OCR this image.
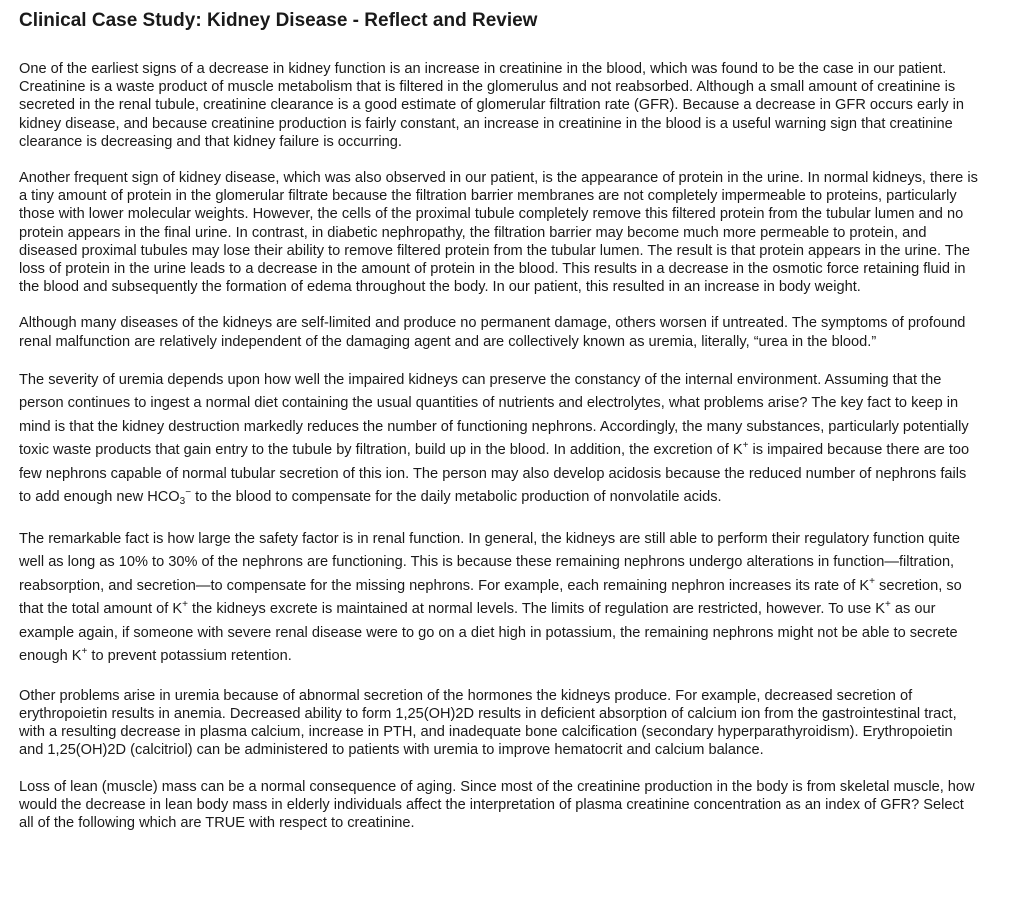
Clinical Case Study: Kidney Disease - Reflect and Review

One of the earliest signs of a decrease in kidney function is an increase in creatinine in the blood, which was found to be the case in our patient. Creatinine is a waste product of muscle metabolism that is filtered in the glomerulus and not reabsorbed. Although a small amount of creatinine is secreted in the renal tubule, creatinine clearance is a good estimate of glomerular filtration rate (GFR). Because a decrease in GFR occurs early in kidney disease, and because creatinine production is fairly constant, an increase in creatinine in the blood is a useful warning sign that creatinine clearance is decreasing and that kidney failure is occurring.

Another frequent sign of kidney disease, which was also observed in our patient, is the appearance of protein in the urine. In normal kidneys, there is a tiny amount of protein in the glomerular filtrate because the filtration barrier membranes are not completely impermeable to proteins, particularly those with lower molecular weights. However, the cells of the proximal tubule completely remove this filtered protein from the tubular lumen and no protein appears in the final urine. In contrast, in diabetic nephropathy, the filtration barrier may become much more permeable to protein, and diseased proximal tubules may lose their ability to remove filtered protein from the tubular lumen. The result is that protein appears in the urine. The loss of protein in the urine leads to a decrease in the amount of protein in the blood. This results in a decrease in the osmotic force retaining fluid in the blood and subsequently the formation of edema throughout the body. In our patient, this resulted in an increase in body weight.

Although many diseases of the kidneys are self-limited and produce no permanent damage, others worsen if untreated. The symptoms of profound renal malfunction are relatively independent of the damaging agent and are collectively known as uremia, literally, “urea in the blood.”

The severity of uremia depends upon how well the impaired kidneys can preserve the constancy of the internal environment. Assuming that the person continues to ingest a normal diet containing the usual quantities of nutrients and electrolytes, what problems arise? The key fact to keep in mind is that the kidney destruction markedly reduces the number of functioning nephrons. Accordingly, the many substances, particularly potentially toxic waste products that gain entry to the tubule by filtration, build up in the blood. In addition, the excretion of K+ is impaired because there are too few nephrons capable of normal tubular secretion of this ion. The person may also develop acidosis because the reduced number of nephrons fails to add enough new $HCO_3^-$ to the blood to compensate for the daily metabolic production of nonvolatile acids.

The remarkable fact is how large the safety factor is in renal function. In general, the kidneys are still able to perform their regulatory function quite well as long as 10% to 30% of the nephrons are functioning. This is because these remaining nephrons undergo alterations in function—filtration, reabsorption, and secretion—to compensate for the missing nephrons. For example, each remaining nephron increases its rate of K+ secretion, so that the total amount of K+ the kidneys excrete is maintained at normal levels. The limits of regulation are restricted, however. To use K+ as our example again, if someone with severe renal disease were to go on a diet high in potassium, the remaining nephrons might not be able to secrete enough K+ to prevent potassium retention.

Other problems arise in uremia because of abnormal secretion of the hormones the kidneys produce. For example, decreased secretion of erythropoietin results in anemia. Decreased ability to form 1,25(OH)2D results in deficient absorption of calcium ion from the gastrointestinal tract, with a resulting decrease in plasma calcium, increase in PTH, and inadequate bone calcification (secondary hyperparathyroidism). Erythropoietin and 1,25(OH)2D (calcitriol) can be administered to patients with uremia to improve hematocrit and calcium balance.

Loss of lean (muscle) mass can be a normal consequence of aging. Since most of the creatinine production in the body is from skeletal muscle, how would the decrease in lean body mass in elderly individuals affect the interpretation of plasma creatinine concentration as an index of GFR? Select all of the following which are TRUE with respect to creatinine.
